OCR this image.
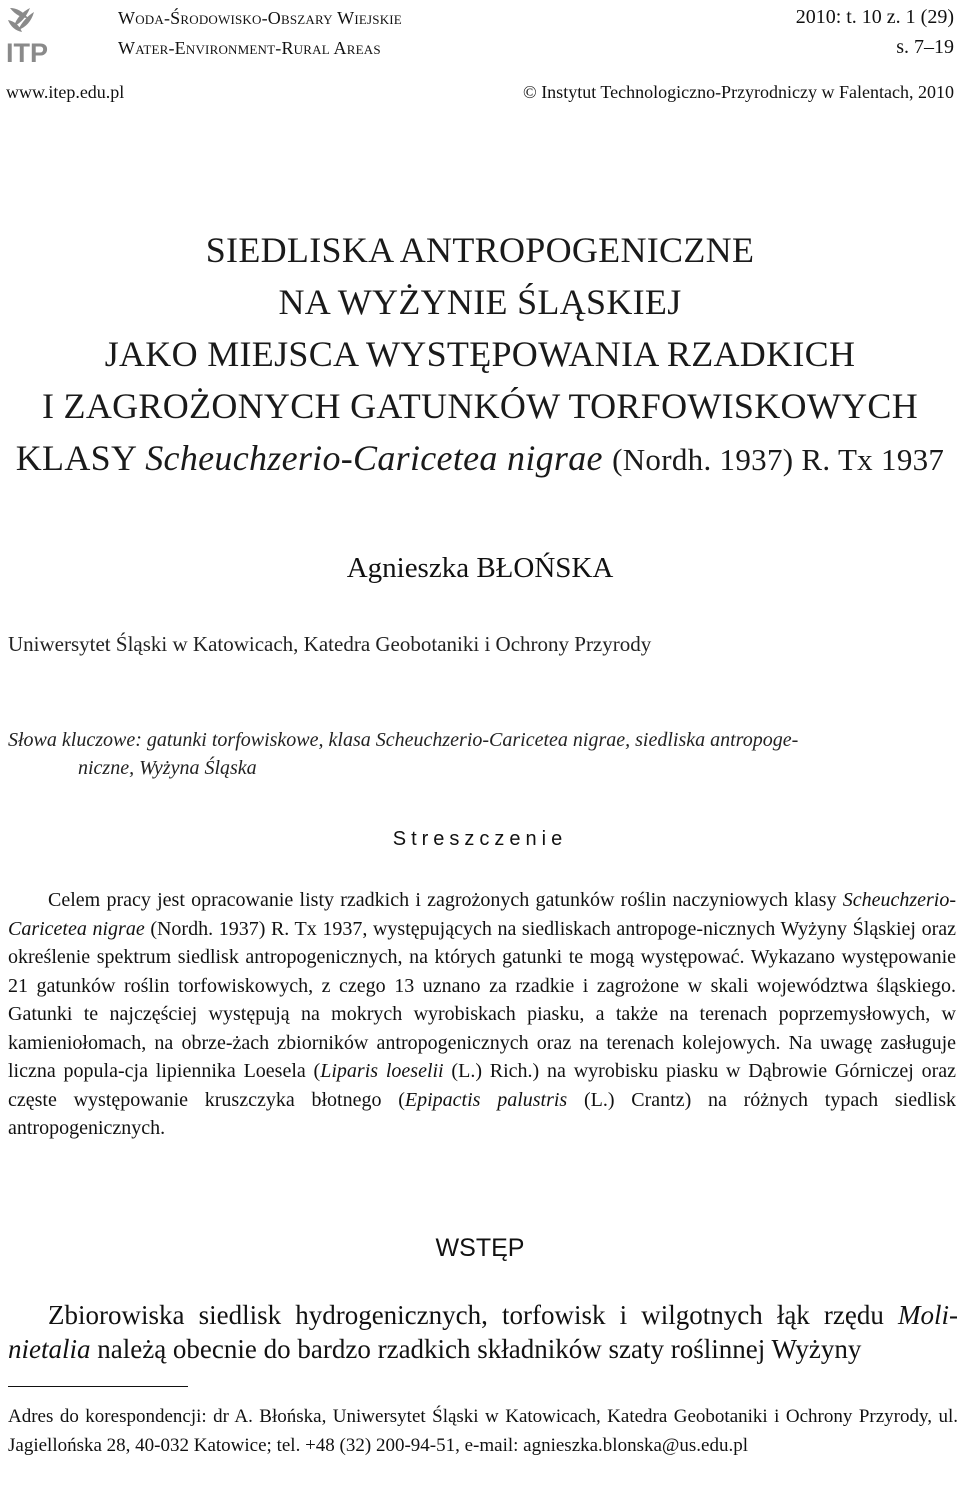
ITP
Woda-Środowisko-Obszary Wiejskie
Water-Environment-Rural Areas
2010: t. 10 z. 1 (29)
s. 7–19
www.itep.edu.pl	© Instytut Technologiczno-Przyrodniczy w Falentach, 2010
SIEDLISKA ANTROPOGENICZNE
NA WYŻYNIE ŚLĄSKIEJ
JAKO MIEJSCA WYSTĘPOWANIA RZADKICH
I ZAGROŻONYCH GATUNKÓW TORFOWISKOWYCH
KLASY Scheuchzerio-Caricetea nigrae (Nordh. 1937) R. Tx 1937
Agnieszka BŁOŃSKA
Uniwersytet Śląski w Katowicach, Katedra Geobotaniki i Ochrony Przyrody
Słowa kluczowe: gatunki torfowiskowe, klasa Scheuchzerio-Caricetea nigrae, siedliska antropoge-
niczne, Wyżyna Śląska
Streszczenie

Celem pracy jest opracowanie listy rzadkich i zagrożonych gatunków roślin naczyniowych klasy Scheuchzerio-Caricetea nigrae (Nordh. 1937) R. Tx 1937, występujących na siedliskach antropoge-nicznych Wyżyny Śląskiej oraz określenie spektrum siedlisk antropogenicznych, na których gatunki te mogą występować. Wykazano występowanie 21 gatunków roślin torfowiskowych, z czego 13 uznano za rzadkie i zagrożone w skali województwa śląskiego. Gatunki te najczęściej występują na mokrych wyrobiskach piasku, a także na terenach poprzemysłowych, w kamieniołomach, na obrze-żach zbiorników antropogenicznych oraz na terenach kolejowych. Na uwagę zasługuje liczna popula-cja lipiennika Loesela (Liparis loeselii (L.) Rich.) na wyrobisku piasku w Dąbrowie Górniczej oraz częste występowanie kruszczyka błotnego (Epipactis palustris (L.) Crantz) na różnych typach siedlisk antropogenicznych.

WSTĘP

Zbiorowiska siedlisk hydrogenicznych, torfowisk i wilgotnych łąk rzędu Moli-nietalia należą obecnie do bardzo rzadkich składników szaty roślinnej Wyżyny

Adres do korespondencji: dr A. Błońska, Uniwersytet Śląski w Katowicach, Katedra Geobotaniki i Ochrony Przyrody, ul. Jagiellońska 28, 40-032 Katowice; tel. +48 (32) 200-94-51, e-mail: agnieszka.blonska@us.edu.pl
